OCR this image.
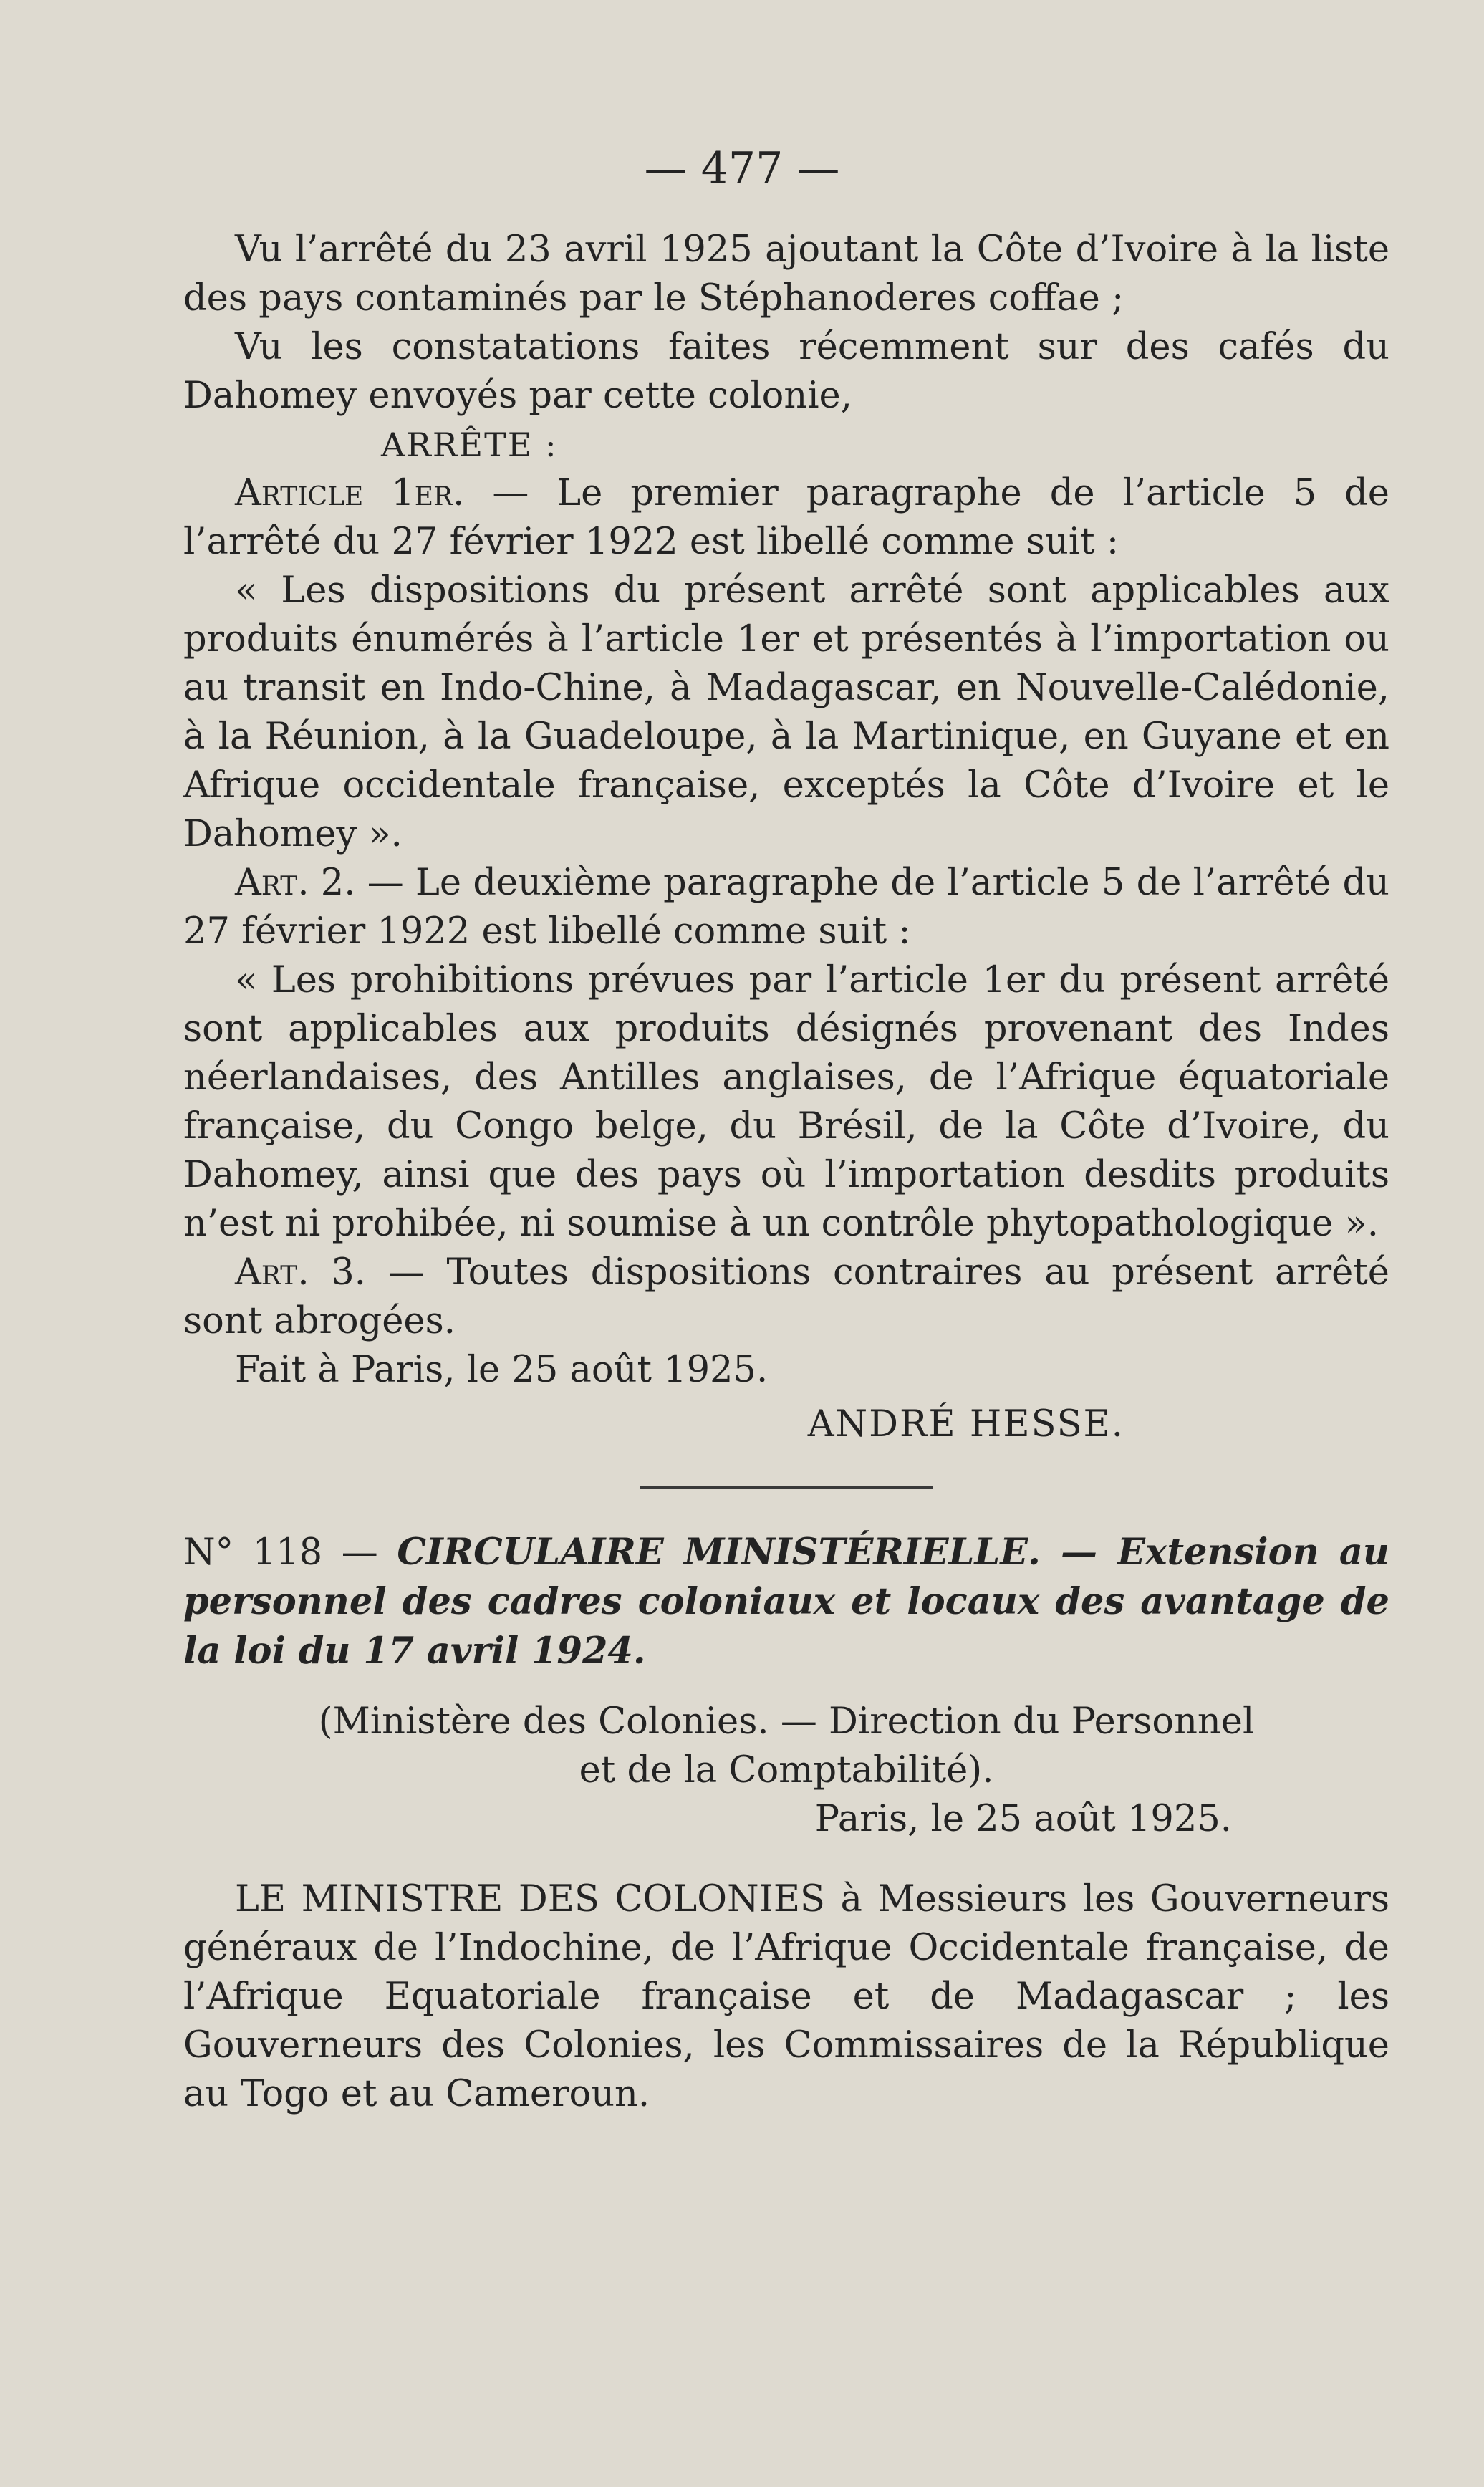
— 477 —

Vu l’arrêté du 23 avril 1925 ajoutant la Côte d’Ivoire à la liste des pays contaminés par le Stéphanoderes coffae ;

Vu les constatations faites récemment sur des cafés du Dahomey envoyés par cette colonie,

ARRÊTE :

Article 1er. — Le premier paragraphe de l’article 5 de l’arrêté du 27 février 1922 est libellé comme suit :

« Les dispositions du présent arrêté sont applicables aux produits énumérés à l’article 1er et présentés à l’importation ou au transit en Indo-Chine, à Madagascar, en Nouvelle-Calédonie, à la Réunion, à la Guadeloupe, à la Martinique, en Guyane et en Afrique occidentale française, exceptés la Côte d’Ivoire et le Dahomey ».

Art. 2. — Le deuxième paragraphe de l’article 5 de l’arrêté du 27 février 1922 est libellé comme suit :

« Les prohibitions prévues par l’article 1er du présent arrêté sont applicables aux produits désignés provenant des Indes néerlandaises, des Antilles anglaises, de l’Afrique équatoriale française, du Congo belge, du Brésil, de la Côte d’Ivoire, du Dahomey, ainsi que des pays où l’importation desdits produits n’est ni prohibée, ni soumise à un contrôle phytopathologique ».

Art. 3. — Toutes dispositions contraires au présent arrêté sont abrogées.

Fait à Paris, le 25 août 1925.

ANDRÉ HESSE.

N° 118 — CIRCULAIRE MINISTÉRIELLE. — Extension au personnel des cadres coloniaux et locaux des avantage de la loi du 17 avril 1924.

(Ministère des Colonies. — Direction du Personnel

et de la Comptabilité).

Paris, le 25 août 1925.

LE MINISTRE DES COLONIES à Messieurs les Gouverneurs généraux de l’Indochine, de l’Afrique Occidentale française, de l’Afrique Equatoriale française et de Madagascar ; les Gouverneurs des Colonies, les Commissaires de la République au Togo et au Cameroun.
